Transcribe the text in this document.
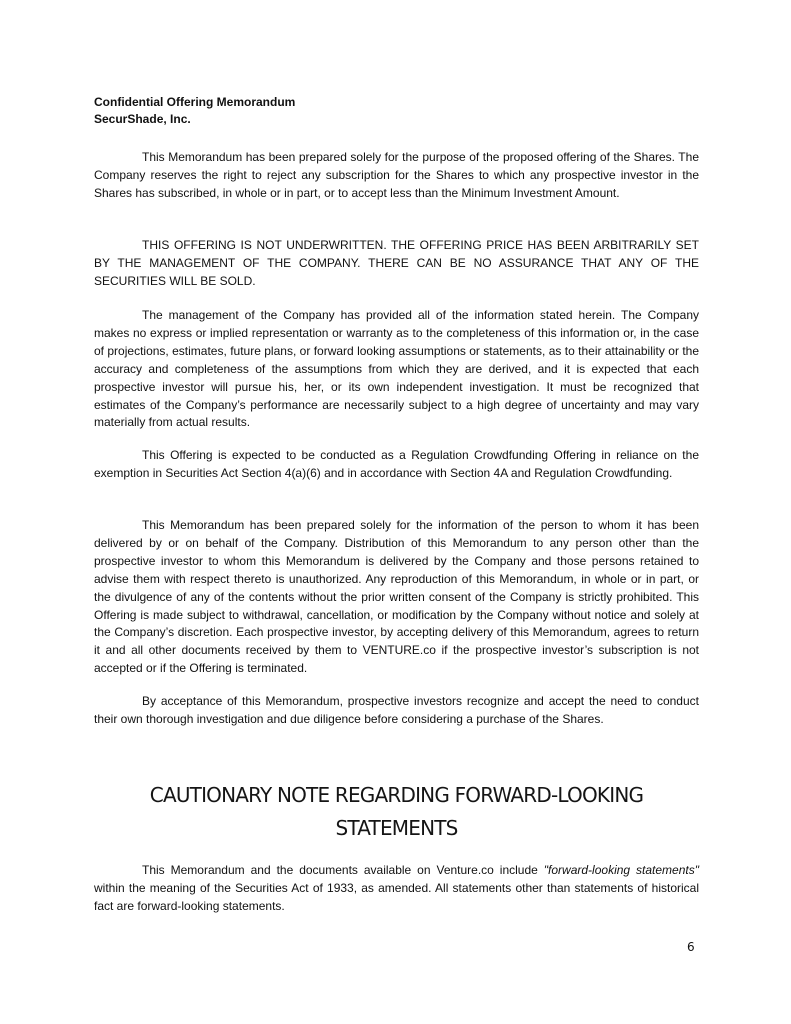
Confidential Offering Memorandum
SecurShade, Inc.

This Memorandum has been prepared solely for the purpose of the proposed offering of the Shares. The Company reserves the right to reject any subscription for the Shares to which any prospective investor in the Shares has subscribed, in whole or in part, or to accept less than the Minimum Investment Amount.

THIS OFFERING IS NOT UNDERWRITTEN. THE OFFERING PRICE HAS BEEN ARBITRARILY SET BY THE MANAGEMENT OF THE COMPANY. THERE CAN BE NO ASSURANCE THAT ANY OF THE SECURITIES WILL BE SOLD.

The management of the Company has provided all of the information stated herein. The Company makes no express or implied representation or warranty as to the completeness of this information or, in the case of projections, estimates, future plans, or forward looking assumptions or statements, as to their attainability or the accuracy and completeness of the assumptions from which they are derived, and it is expected that each prospective investor will pursue his, her, or its own independent investigation. It must be recognized that estimates of the Company’s performance are necessarily subject to a high degree of uncertainty and may vary materially from actual results.

This Offering is expected to be conducted as a Regulation Crowdfunding Offering in reliance on the exemption in Securities Act Section 4(a)(6) and in accordance with Section 4A and Regulation Crowdfunding.

This Memorandum has been prepared solely for the information of the person to whom it has been delivered by or on behalf of the Company. Distribution of this Memorandum to any person other than the prospective investor to whom this Memorandum is delivered by the Company and those persons retained to advise them with respect thereto is unauthorized. Any reproduction of this Memorandum, in whole or in part, or the divulgence of any of the contents without the prior written consent of the Company is strictly prohibited. This Offering is made subject to withdrawal, cancellation, or modification by the Company without notice and solely at the Company’s discretion. Each prospective investor, by accepting delivery of this Memorandum, agrees to return it and all other documents received by them to VENTURE.co if the prospective investor’s subscription is not accepted or if the Offering is terminated.

By acceptance of this Memorandum, prospective investors recognize and accept the need to conduct their own thorough investigation and due diligence before considering a purchase of the Shares.

CAUTIONARY NOTE REGARDING FORWARD-LOOKING
STATEMENTS

This Memorandum and the documents available on Venture.co include "forward-looking statements" within the meaning of the Securities Act of 1933, as amended. All statements other than statements of historical fact are forward-looking statements.

6
